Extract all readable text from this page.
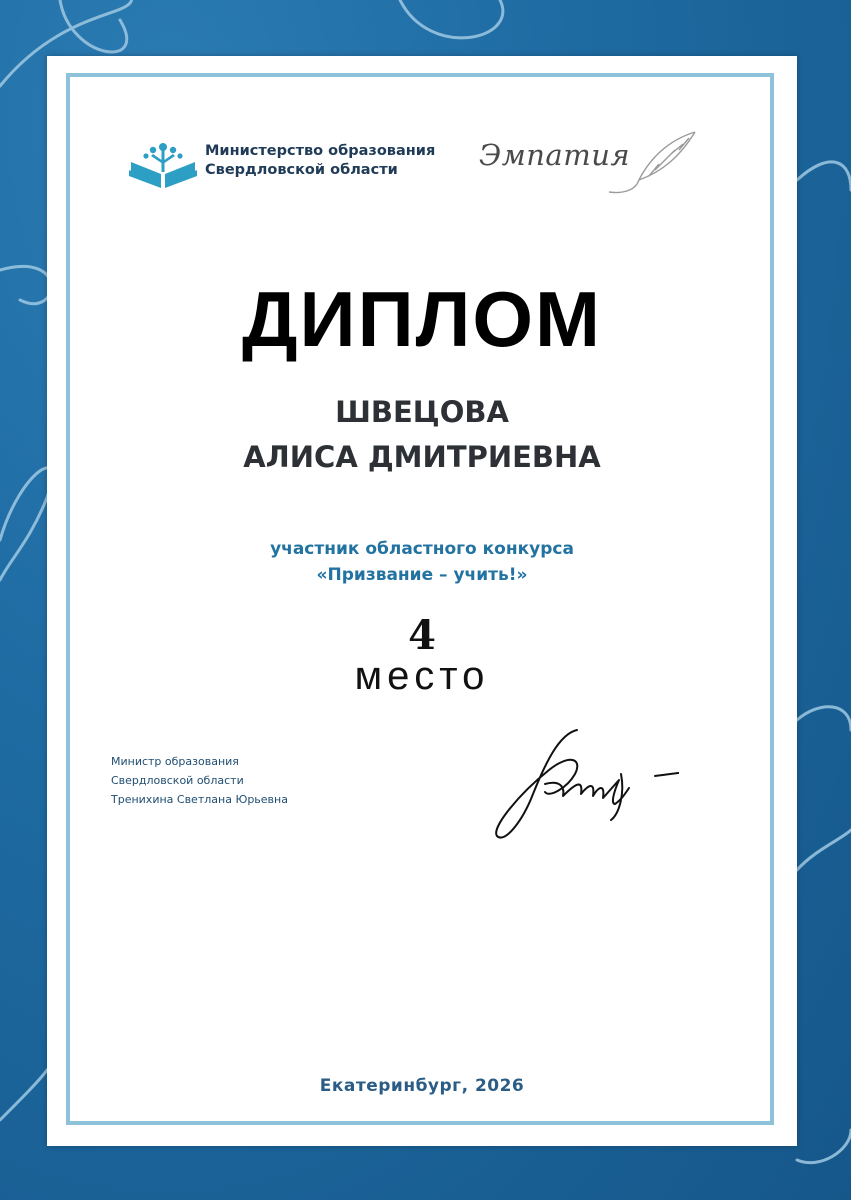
Министерство образования
Свердловской области	Эмпатия
ДИПЛОМ
ШВЕЦОВА
АЛИСА ДМИТРИЕВНА
участник областного конкурса
«Призвание – учить!»
4
место
Министр образования
Свердловской области
Тренихина Светлана Юрьевна
Екатеринбург, 2026
